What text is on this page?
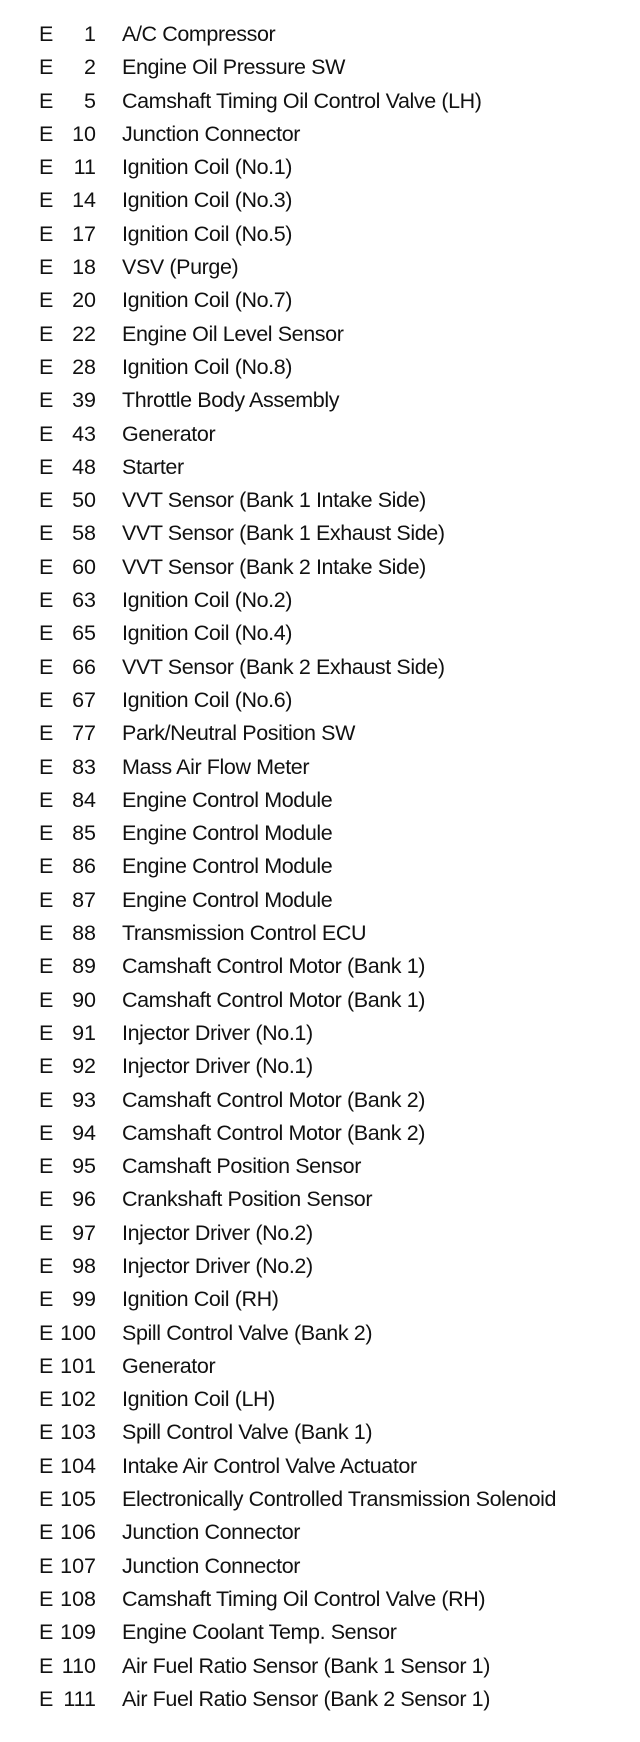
E	1 A/C Compressor
E	2 Engine Oil Pressure SW
E	5 Camshaft Timing Oil Control Valve (LH)
E 10 Junction Connector
E 11 Ignition Coil (No.1)
E 14 Ignition Coil (No.3)
E 17 Ignition Coil (No.5)
E 18 VSV (Purge)
E 20 Ignition Coil (No.7)
E 22 Engine Oil Level Sensor
E 28 Ignition Coil (No.8)
E 39 Throttle Body Assembly
E 43 Generator
E 48 Starter
E 50 VVT Sensor (Bank 1 Intake Side)
E 58 VVT Sensor (Bank 1 Exhaust Side)
E 60 VVT Sensor (Bank 2 Intake Side)
E 63 Ignition Coil (No.2)
E 65 Ignition Coil (No.4)
E 66 VVT Sensor (Bank 2 Exhaust Side)
E 67 Ignition Coil (No.6)
E 77 Park/Neutral Position SW
E 83 Mass Air Flow Meter
E 84 Engine Control Module
E 85 Engine Control Module
E 86 Engine Control Module
E 87 Engine Control Module
E 88 Transmission Control ECU
E 89 Camshaft Control Motor (Bank 1)
E 90 Camshaft Control Motor (Bank 1)
E 91 Injector Driver (No.1)
E 92 Injector Driver (No.1)
E 93 Camshaft Control Motor (Bank 2)
E 94 Camshaft Control Motor (Bank 2)
E 95 Camshaft Position Sensor
E 96 Crankshaft Position Sensor
E 97 Injector Driver (No.2)
E 98 Injector Driver (No.2)
E 99 Ignition Coil (RH)
E 100 Spill Control Valve (Bank 2)
E 101 Generator
E 102 Ignition Coil (LH)
E 103 Spill Control Valve (Bank 1)
E 104 Intake Air Control Valve Actuator
E 105 Electronically Controlled Transmission Solenoid
E 106 Junction Connector
E 107 Junction Connector
E 108 Camshaft Timing Oil Control Valve (RH)
E 109 Engine Coolant Temp. Sensor
E 110 Air Fuel Ratio Sensor (Bank 1 Sensor 1)
E 111 Air Fuel Ratio Sensor (Bank 2 Sensor 1)
